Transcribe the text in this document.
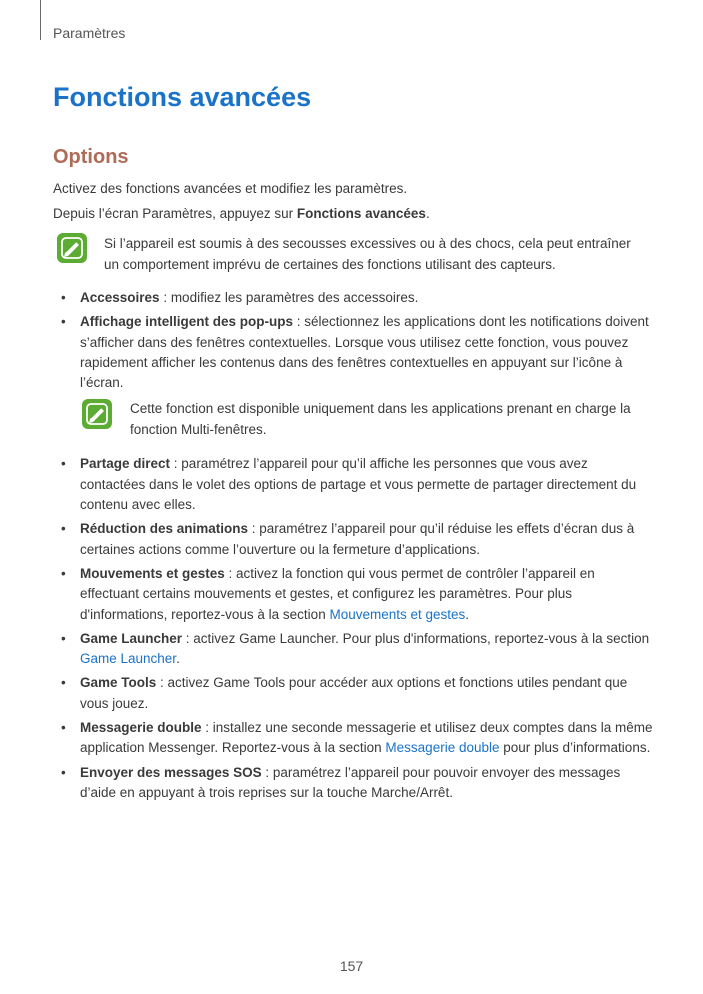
Paramètres
Fonctions avancées
Options
Activez des fonctions avancées et modifiez les paramètres.
Depuis l’écran Paramètres, appuyez sur Fonctions avancées.
Si l’appareil est soumis à des secousses excessives ou à des chocs, cela peut entraîner un comportement imprévu de certaines des fonctions utilisant des capteurs.
• Accessoires : modifiez les paramètres des accessoires.
• Affichage intelligent des pop-ups : sélectionnez les applications dont les notifications doivent s’afficher dans des fenêtres contextuelles. Lorsque vous utilisez cette fonction, vous pouvez rapidement afficher les contenus dans des fenêtres contextuelles en appuyant sur l’icône à l’écran.
Cette fonction est disponible uniquement dans les applications prenant en charge la fonction Multi-fenêtres.
• Partage direct : paramétrez l’appareil pour qu’il affiche les personnes que vous avez contactées dans le volet des options de partage et vous permette de partager directement du contenu avec elles.
• Réduction des animations : paramétrez l’appareil pour qu’il réduise les effets d’écran dus à certaines actions comme l’ouverture ou la fermeture d’applications.
• Mouvements et gestes : activez la fonction qui vous permet de contrôler l’appareil en effectuant certains mouvements et gestes, et configurez les paramètres. Pour plus d'informations, reportez-vous à la section Mouvements et gestes.
• Game Launcher : activez Game Launcher. Pour plus d'informations, reportez-vous à la section Game Launcher.
• Game Tools : activez Game Tools pour accéder aux options et fonctions utiles pendant que vous jouez.
• Messagerie double : installez une seconde messagerie et utilisez deux comptes dans la même application Messenger. Reportez-vous à la section Messagerie double pour plus d’informations.
• Envoyer des messages SOS : paramétrez l’appareil pour pouvoir envoyer des messages d’aide en appuyant à trois reprises sur la touche Marche/Arrêt.
157
